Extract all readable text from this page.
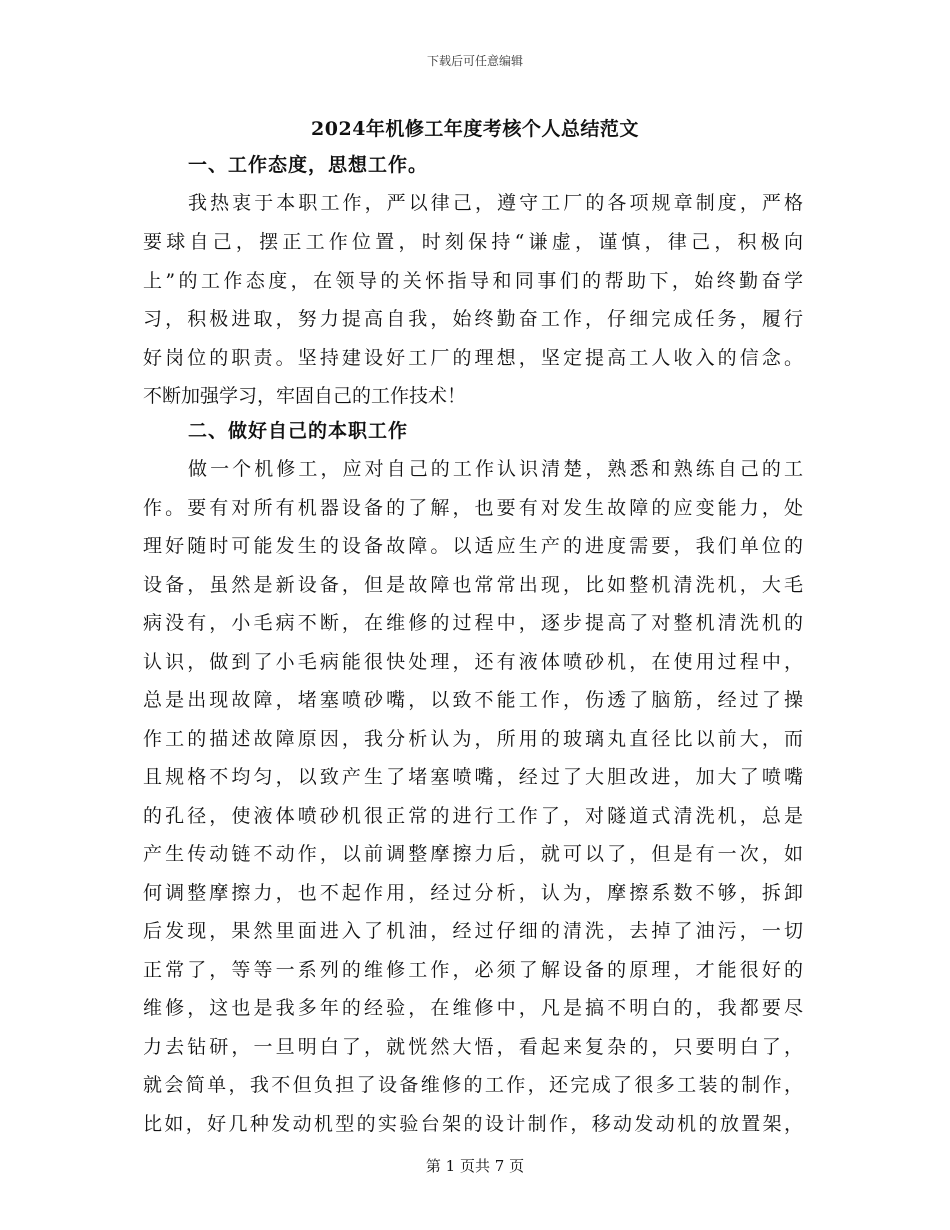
下载后可任意编辑
2024年机修工年度考核个人总结范文
一、工作态度，思想工作。
我热衷于本职工作，严以律己，遵守工厂的各项规章制度，严格
要球自己，摆正工作位置，时刻保持“谦虚，谨慎，律己，积极向
上”的工作态度，在领导的关怀指导和同事们的帮助下，始终勤奋学
习，积极进取，努力提高自我，始终勤奋工作，仔细完成任务，履行
好岗位的职责。坚持建设好工厂的理想，坚定提高工人收入的信念。
不断加强学习，牢固自己的工作技术！
二、做好自己的本职工作
做一个机修工，应对自己的工作认识清楚，熟悉和熟练自己的工
作。要有对所有机器设备的了解，也要有对发生故障的应变能力，处
理好随时可能发生的设备故障。以适应生产的进度需要，我们单位的
设备，虽然是新设备，但是故障也常常出现，比如整机清洗机，大毛
病没有，小毛病不断，在维修的过程中，逐步提高了对整机清洗机的
认识，做到了小毛病能很快处理，还有液体喷砂机，在使用过程中，
总是出现故障，堵塞喷砂嘴，以致不能工作，伤透了脑筋，经过了操
作工的描述故障原因，我分析认为，所用的玻璃丸直径比以前大，而
且规格不均匀，以致产生了堵塞喷嘴，经过了大胆改进，加大了喷嘴
的孔径，使液体喷砂机很正常的进行工作了，对隧道式清洗机，总是
产生传动链不动作，以前调整摩擦力后，就可以了，但是有一次，如
何调整摩擦力，也不起作用，经过分析，认为，摩擦系数不够，拆卸
后发现，果然里面进入了机油，经过仔细的清洗，去掉了油污，一切
正常了，等等一系列的维修工作，必须了解设备的原理，才能很好的
维修，这也是我多年的经验，在维修中，凡是搞不明白的，我都要尽
力去钻研，一旦明白了，就恍然大悟，看起来复杂的，只要明白了，
就会简单，我不但负担了设备维修的工作，还完成了很多工装的制作，
比如，好几种发动机型的实验台架的设计制作，移动发动机的放置架，
第 1 页共 7 页
